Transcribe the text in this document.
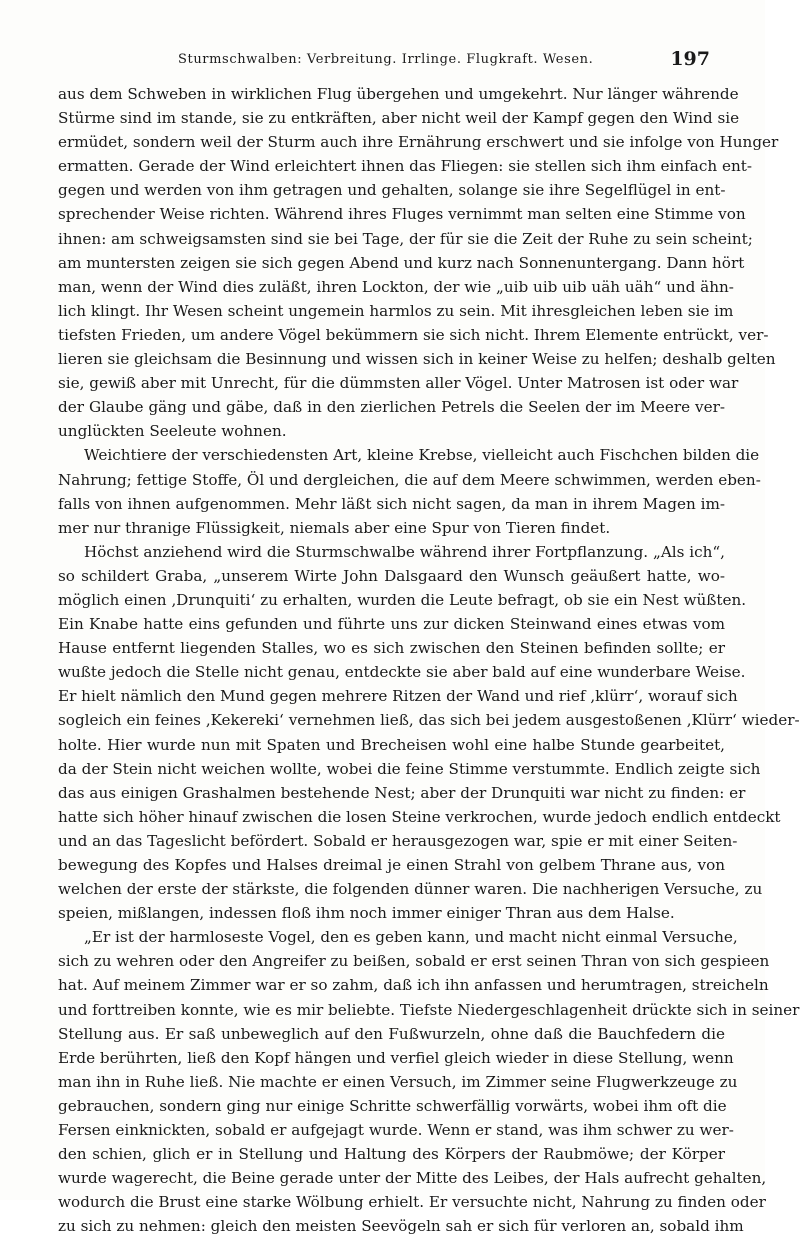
Sturmschwalben: Verbreitung. Irrlinge. Flugkraft. Wesen.	197
aus dem Schweben in wirklichen Flug übergehen und umgekehrt. Nur länger währende
Stürme sind im stande, sie zu entkräften, aber nicht weil der Kampf gegen den Wind sie
ermüdet, sondern weil der Sturm auch ihre Ernährung erschwert und sie infolge von Hunger
ermatten. Gerade der Wind erleichtert ihnen das Fliegen: sie stellen sich ihm einfach ent-
gegen und werden von ihm getragen und gehalten, solange sie ihre Segelflügel in ent-
sprechender Weise richten. Während ihres Fluges vernimmt man selten eine Stimme von
ihnen: am schweigsamsten sind sie bei Tage, der für sie die Zeit der Ruhe zu sein scheint;
am muntersten zeigen sie sich gegen Abend und kurz nach Sonnenuntergang. Dann hört
man, wenn der Wind dies zuläßt, ihren Lockton, der wie „uib uib uib uäh uäh“ und ähn-
lich klingt. Ihr Wesen scheint ungemein harmlos zu sein. Mit ihresgleichen leben sie im
tiefsten Frieden, um andere Vögel bekümmern sie sich nicht. Ihrem Elemente entrückt, ver-
lieren sie gleichsam die Besinnung und wissen sich in keiner Weise zu helfen; deshalb gelten
sie, gewiß aber mit Unrecht, für die dümmsten aller Vögel. Unter Matrosen ist oder war
der Glaube gäng und gäbe, daß in den zierlichen Petrels die Seelen der im Meere ver-
unglückten Seeleute wohnen.
Weichtiere der verschiedensten Art, kleine Krebse, vielleicht auch Fischchen bilden die
Nahrung; fettige Stoffe, Öl und dergleichen, die auf dem Meere schwimmen, werden eben-
falls von ihnen aufgenommen. Mehr läßt sich nicht sagen, da man in ihrem Magen im-
mer nur thranige Flüssigkeit, niemals aber eine Spur von Tieren findet.
Höchst anziehend wird die Sturmschwalbe während ihrer Fortpflanzung. „Als ich“,
so schildert Graba, „unserem Wirte John Dalsgaard den Wunsch geäußert hatte, wo-
möglich einen ‚Drunquiti‘ zu erhalten, wurden die Leute befragt, ob sie ein Nest wüßten.
Ein Knabe hatte eins gefunden und führte uns zur dicken Steinwand eines etwas vom
Hause entfernt liegenden Stalles, wo es sich zwischen den Steinen befinden sollte; er
wußte jedoch die Stelle nicht genau, entdeckte sie aber bald auf eine wunderbare Weise.
Er hielt nämlich den Mund gegen mehrere Ritzen der Wand und rief ‚klürr‘, worauf sich
sogleich ein feines ‚Kekereki‘ vernehmen ließ, das sich bei jedem ausgestoßenen ‚Klürr‘ wieder-
holte. Hier wurde nun mit Spaten und Brecheisen wohl eine halbe Stunde gearbeitet,
da der Stein nicht weichen wollte, wobei die feine Stimme verstummte. Endlich zeigte sich
das aus einigen Grashalmen bestehende Nest; aber der Drunquiti war nicht zu finden: er
hatte sich höher hinauf zwischen die losen Steine verkrochen, wurde jedoch endlich entdeckt
und an das Tageslicht befördert. Sobald er herausgezogen war, spie er mit einer Seiten-
bewegung des Kopfes und Halses dreimal je einen Strahl von gelbem Thrane aus, von
welchen der erste der stärkste, die folgenden dünner waren. Die nachherigen Versuche, zu
speien, mißlangen, indessen floß ihm noch immer einiger Thran aus dem Halse.
„Er ist der harmloseste Vogel, den es geben kann, und macht nicht einmal Versuche,
sich zu wehren oder den Angreifer zu beißen, sobald er erst seinen Thran von sich gespieen
hat. Auf meinem Zimmer war er so zahm, daß ich ihn anfassen und herumtragen, streicheln
und forttreiben konnte, wie es mir beliebte. Tiefste Niedergeschlagenheit drückte sich in seiner
Stellung aus. Er saß unbeweglich auf den Fußwurzeln, ohne daß die Bauchfedern die
Erde berührten, ließ den Kopf hängen und verfiel gleich wieder in diese Stellung, wenn
man ihn in Ruhe ließ. Nie machte er einen Versuch, im Zimmer seine Flugwerkzeuge zu
gebrauchen, sondern ging nur einige Schritte schwerfällig vorwärts, wobei ihm oft die
Fersen einknickten, sobald er aufgejagt wurde. Wenn er stand, was ihm schwer zu wer-
den schien, glich er in Stellung und Haltung des Körpers der Raubmöwe; der Körper
wurde wagerecht, die Beine gerade unter der Mitte des Leibes, der Hals aufrecht gehalten,
wodurch die Brust eine starke Wölbung erhielt. Er versuchte nicht, Nahrung zu finden oder
zu sich zu nehmen: gleich den meisten Seevögeln sah er sich für verloren an, sobald ihm
